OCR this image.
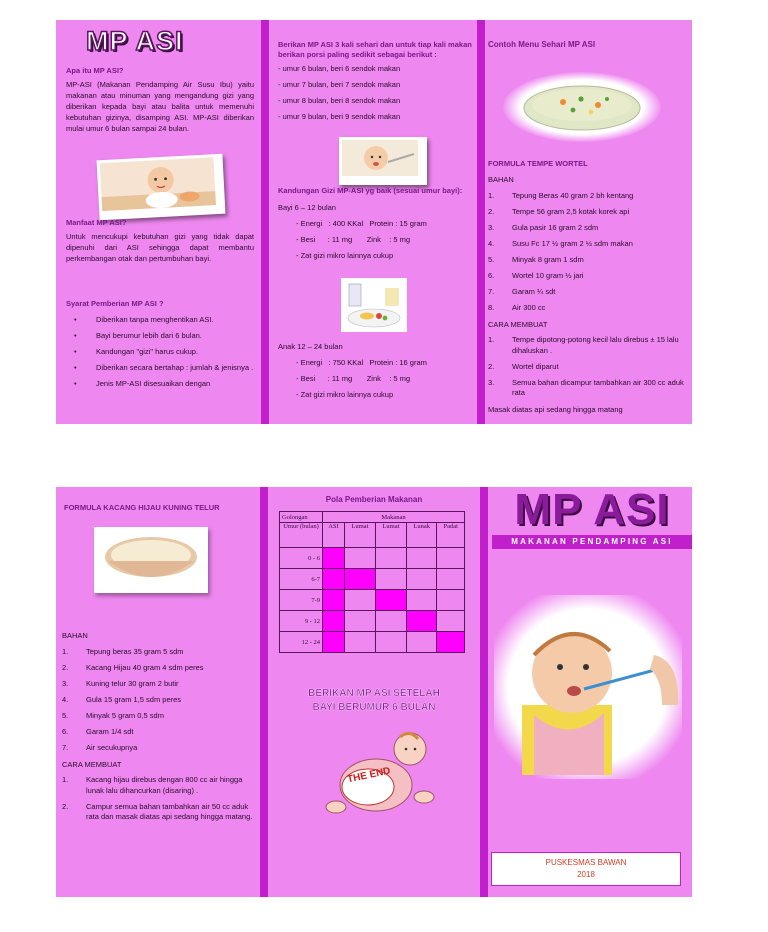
MP ASI

Apa itu MP ASI?

MP-ASI (Makanan Pendamping Air Susu Ibu) yaitu makanan atau minuman yang mengandung gizi yang diberikan kepada bayi atau balita untuk memenuhi kebutuhan giziny​a, disamping ASI. MP-ASI diberikan mulai umur 6 bulan sampai 24 bulan.

Manfaat MP ASI?

Untuk mencukupi kebutuhan gizi yang tidak dapat dipenuhi dari ASI sehingga dapat membantu perkembangan otak dan pertumbuhan bayi.

Syarat Pemberian MP ASI ?

• Diberikan tanpa menghentikan ASI.
• Bayi berumur lebih dari 6 bulan.
• Kandungan "gizi" harus cukup.
• Diberikan secara bertahap : jumlah & jenisnya .
• Jenis MP-ASI disesuaikan dengan

Berikan MP ASI 3 kali sehari dan untuk tiap kali makan berikan porsi paling sedikit sebagai berikut :

- umur 6 bulan, beri 6 sendok makan

- umur 7 bulan, beri 7 sendok makan

- umur 8 bulan, beri 8 sendok makan

- umur 9 bulan, beri 9 sendok makan

Kandungan Gizi MP-ASI yg baik (sesuai umur bayi):

Bayi 6 – 12 bulan

- Energi   : 400 KKal   Protein : 15 gram

- Besi      : 11 mg       Zink    : 5 mg

- Zat gizi mikro lainnya cukup

Anak 12 – 24 bulan

- Energi   : 750 KKal   Protein : 16 gram

- Besi      : 11 mg       Zink    : 5 mg

- Zat gizi mikro lainnya cukup

Contoh Menu Sehari MP ASI

FORMULA TEMPE WORTEL

BAHAN

1. Tepung Beras 40 gram 2 bh kentang
2. Tempe 56 gram 2,5 kotak korek api
3. Gula pasir 16 gram 2 sdm
4. Susu Fc 17 ½ gram 2 ½ sdm makan
5. Minyak 8 gram 1 sdm
6. Wortel 10 gram ½ jari
7. Garam ¼ sdt
8. Air 300 cc

CARA MEMBUAT

1. Tempe dipotong-potong kecil lalu direbus ± 15 lalu dihaluskan .
2. Wortel diparut
3. Semua bahan dicampur tambahkan air 300 cc aduk rata

Masak diatas api sedang hingga matang

FORMULA KACANG HIJAU KUNING TELUR

BAHAN

1. Tepung beras 35 gram 5 sdm
2. Kacang Hijau 40 gram 4 sdm peres
3. Kuning telur 30 gram 2 butir
4. Gula 15 gram 1,5 sdm peres
5. Minyak 5 gram 0,5 sdm
6. Garam 1/4 sdt
7. Air secukupnya

CARA MEMBUAT

1. Kacang hijau direbus dengan 800 cc air hingga lunak lalu dihancurkan (disaring) .
2. Campur semua bahan tambahkan air 50 cc aduk rata dan masak diatas api sedang hingga matang.

Pola Pemberian Makanan

Golongan	Makanan				
Umur (bulan)	ASI	Lumat	Lumat	Lunak	Padat
0 - 6					
6-7					
7-9					
9 - 12					
12 - 24					
BERIKAN MP ASI SETELAH
BAYI BERUMUR 6 BULAN
THE END
MP ASI
MAKANAN PENDAMPING ASI
PUSKESMAS BAWAN
2018
